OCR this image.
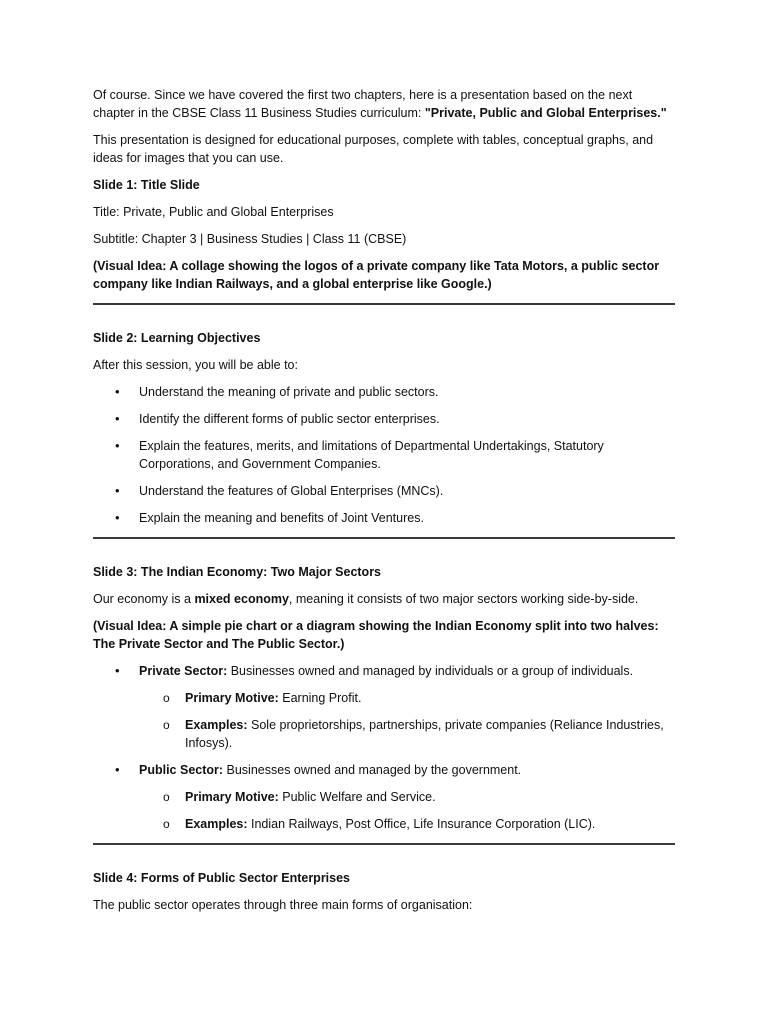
Of course. Since we have covered the first two chapters, here is a presentation based on the next chapter in the CBSE Class 11 Business Studies curriculum: "Private, Public and Global Enterprises."

This presentation is designed for educational purposes, complete with tables, conceptual graphs, and ideas for images that you can use.

Slide 1: Title Slide

Title: Private, Public and Global Enterprises

Subtitle: Chapter 3 | Business Studies | Class 11 (CBSE)

(Visual Idea: A collage showing the logos of a private company like Tata Motors, a public sector company like Indian Railways, and a global enterprise like Google.)

Slide 2: Learning Objectives

After this session, you will be able to:

• Understand the meaning of private and public sectors.
• Identify the different forms of public sector enterprises.
• Explain the features, merits, and limitations of Departmental Undertakings, Statutory Corporations, and Government Companies.
• Understand the features of Global Enterprises (MNCs).
• Explain the meaning and benefits of Joint Ventures.

Slide 3: The Indian Economy: Two Major Sectors

Our economy is a mixed economy, meaning it consists of two major sectors working side-by-side.

(Visual Idea: A simple pie chart or a diagram showing the Indian Economy split into two halves: The Private Sector and The Public Sector.)

• Private Sector: Businesses owned and managed by individuals or a group of individuals.
o Primary Motive: Earning Profit.
o Examples: Sole proprietorships, partnerships, private companies (Reliance Industries, Infosys).
• Public Sector: Businesses owned and managed by the government.
o Primary Motive: Public Welfare and Service.
o Examples: Indian Railways, Post Office, Life Insurance Corporation (LIC).

Slide 4: Forms of Public Sector Enterprises

The public sector operates through three main forms of organisation:
